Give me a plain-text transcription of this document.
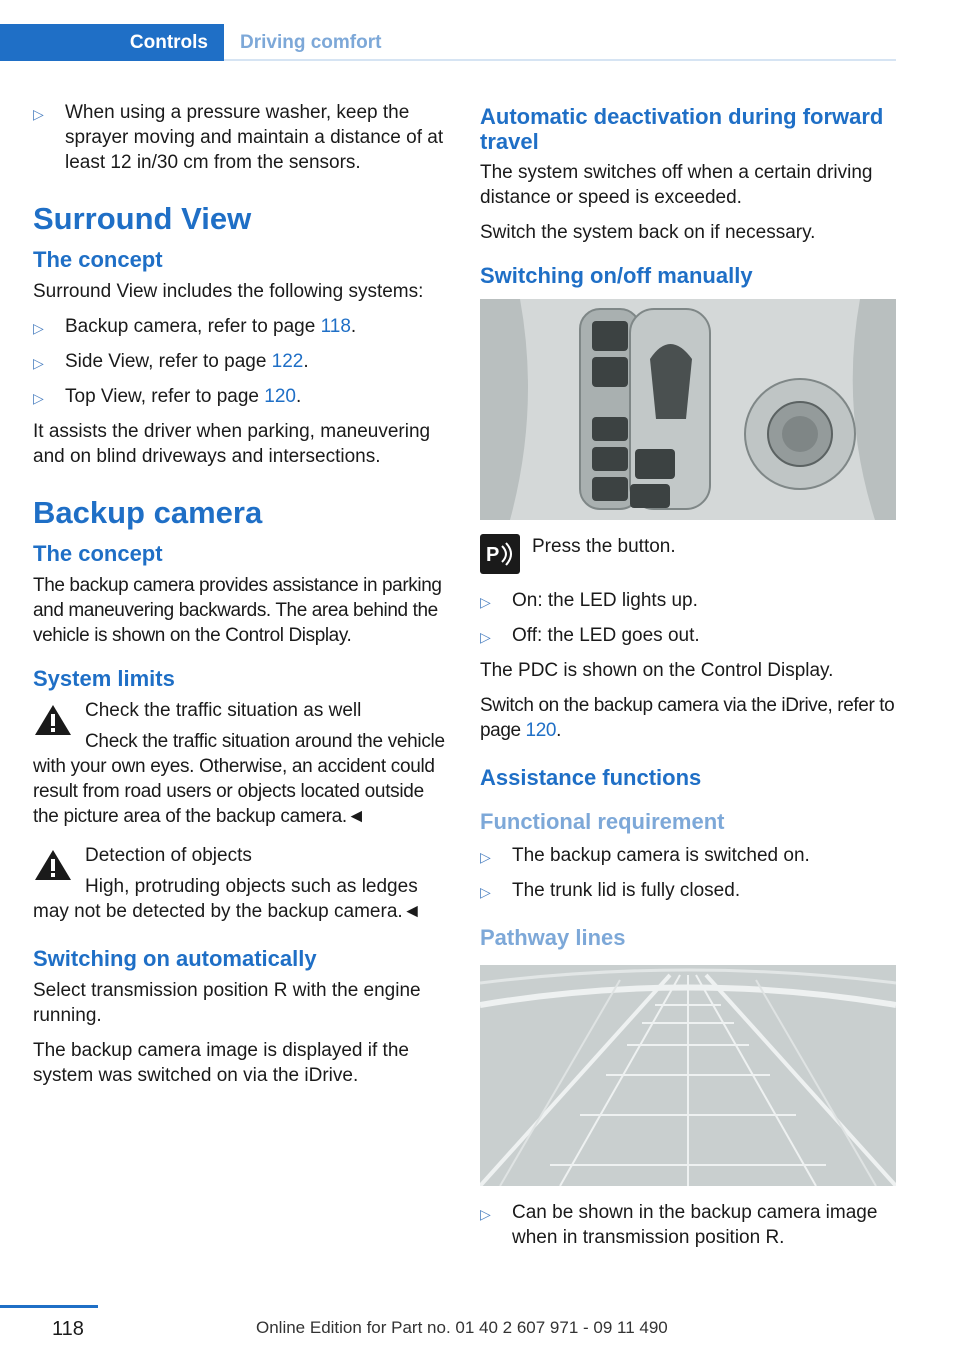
Controls	Driving comfort
▷	When using a pressure washer, keep the sprayer moving and maintain a distance of at least 12 in/30 cm from the sensors.
Surround View
The concept

Surround View includes the following systems:

▷	Backup camera, refer to page 118.
▷	Side View, refer to page 122.
▷	Top View, refer to page 120.

It assists the driver when parking, maneuvering and on blind driveways and intersections.

Backup camera
The concept

The backup camera provides assistance in parking and maneuvering backwards. The area behind the vehicle is shown on the Control Display.

System limits
Check the traffic situation as well

Check the traffic situation around the vehicle with your own eyes. Otherwise, an accident could result from road users or objects located outside the picture area of the backup camera.◄

Detection of objects

High, protruding objects such as ledges may not be detected by the backup camera.◄

Switching on automatically

Select transmission position R with the engine running.

The backup camera image is displayed if the system was switched on via the iDrive.

Automatic deactivation during forward travel

The system switches off when a certain driving distance or speed is exceeded.

Switch the system back on if necessary.

Switching on/off manually
P Press the button.
▷	On: the LED lights up.
▷	Off: the LED goes out.

The PDC is shown on the Control Display.

Switch on the backup camera via the iDrive, refer to page 120.

Assistance functions
Functional requirement
▷	The backup camera is switched on.
▷	The trunk lid is fully closed.
Pathway lines
▷	Can be shown in the backup camera image when in transmission position R.
118	Online Edition for Part no. 01 40 2 607 971 - 09 11 490
